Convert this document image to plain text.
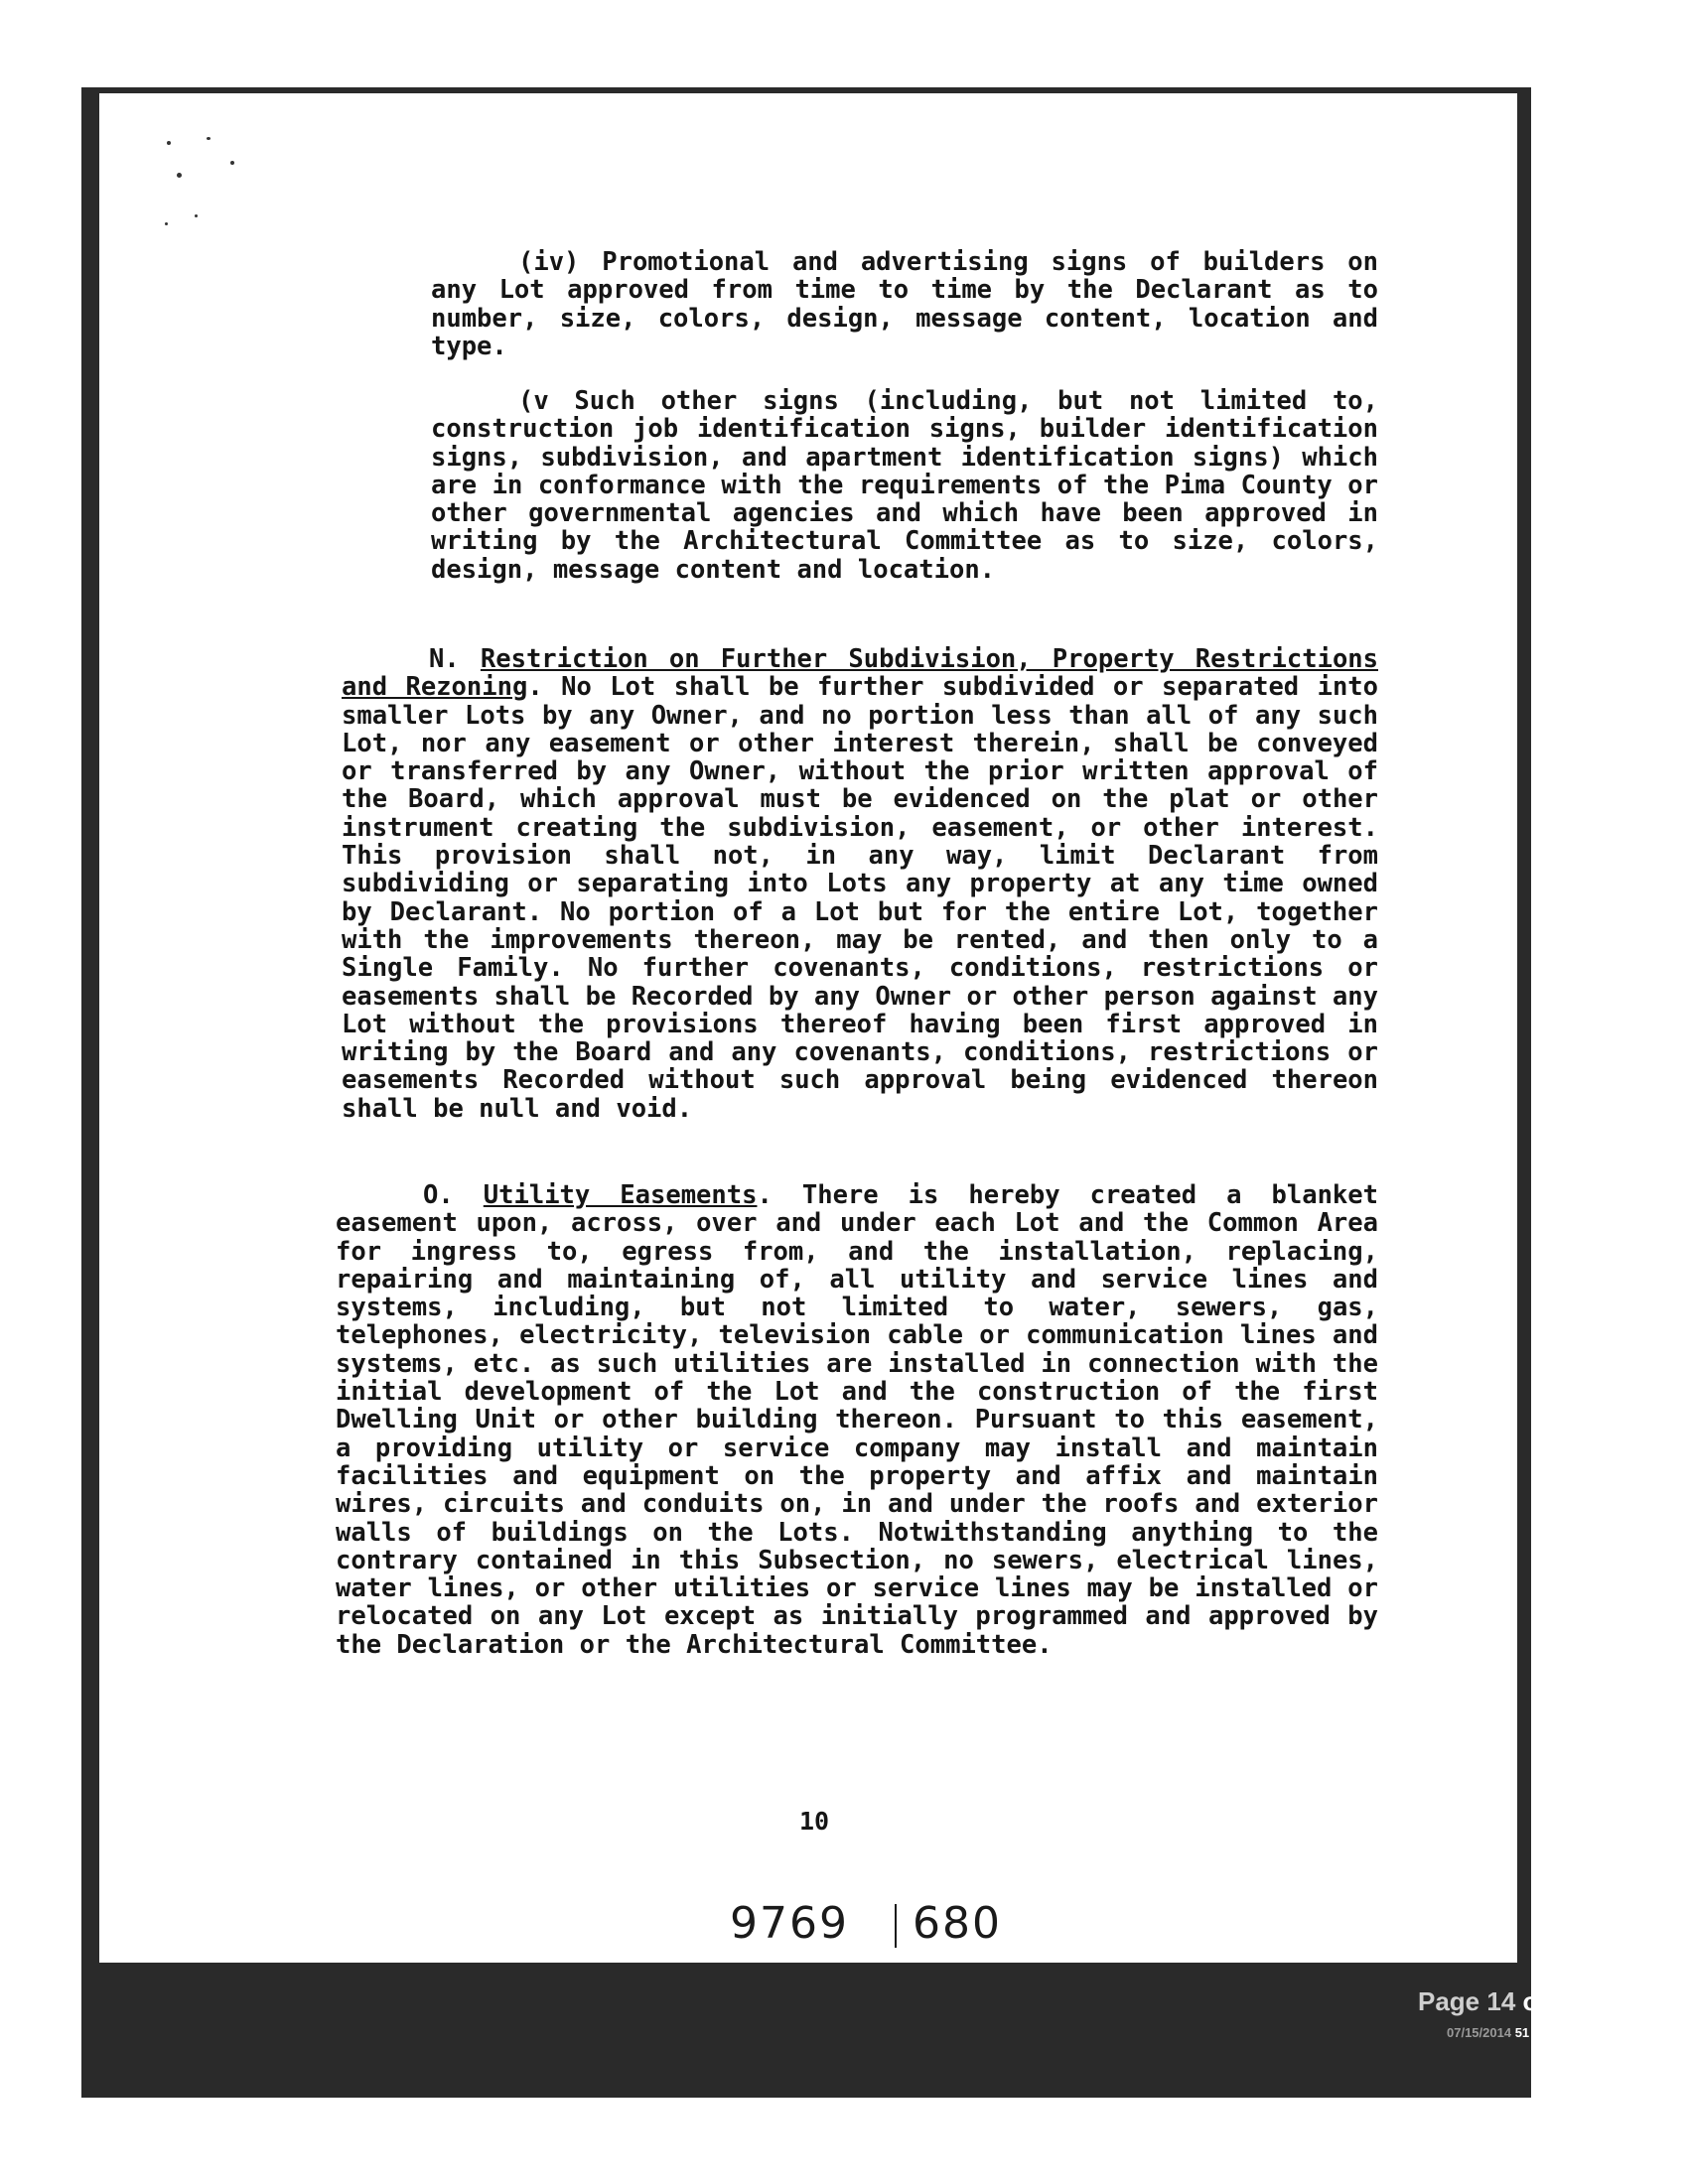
(iv) Promotional and advertising signs of builders on any Lot approved from time to time by the Declarant as to number, size, colors, design, message content, location and type.

(v Such other signs (including, but not limited to, construction job identification signs, builder identification signs, subdivision, and apartment identification signs) which are in conformance with the requirements of the Pima County or other governmental agencies and which have been approved in writing by the Architectural Committee as to size, colors, design, message content and location.

N. Restriction on Further Subdivision, Property Restrictions and Rezoning. No Lot shall be further subdivided or separated into smaller Lots by any Owner, and no portion less than all of any such Lot, nor any easement or other interest therein, shall be conveyed or transferred by any Owner, without the prior written approval of the Board, which approval must be evidenced on the plat or other instrument creating the subdivision, easement, or other interest. This provision shall not, in any way, limit Declarant from subdividing or separating into Lots any property at any time owned by Declarant. No portion of a Lot but for the entire Lot, together with the improvements thereon, may be rented, and then only to a Single Family. No further covenants, conditions, restrictions or easements shall be Recorded by any Owner or other person against any Lot without the provisions thereof having been first approved in writing by the Board and any covenants, conditions, restrictions or easements Recorded without such approval being evidenced thereon shall be null and void.

O. Utility Easements. There is hereby created a blanket easement upon, across, over and under each Lot and the Common Area for ingress to, egress from, and the installation, replacing, repairing and maintaining of, all utility and service lines and systems, including, but not limited to water, sewers, gas, telephones, electricity, television cable or communication lines and systems, etc. as such utilities are installed in connection with the initial development of the Lot and the construction of the first Dwelling Unit or other building thereon. Pursuant to this easement, a providing utility or service company may install and maintain facilities and equipment on the property and affix and maintain wires, circuits and conduits on, in and under the roofs and exterior walls of buildings on the Lots. Notwithstanding anything to the contrary contained in this Subsection, no sewers, electrical lines, water lines, or other utilities or service lines may be installed or relocated on any Lot except as initially programmed and approved by the Declaration or the Architectural Committee.

10
9769 680
Page 14 of 37
07/15/2014 51 AM
